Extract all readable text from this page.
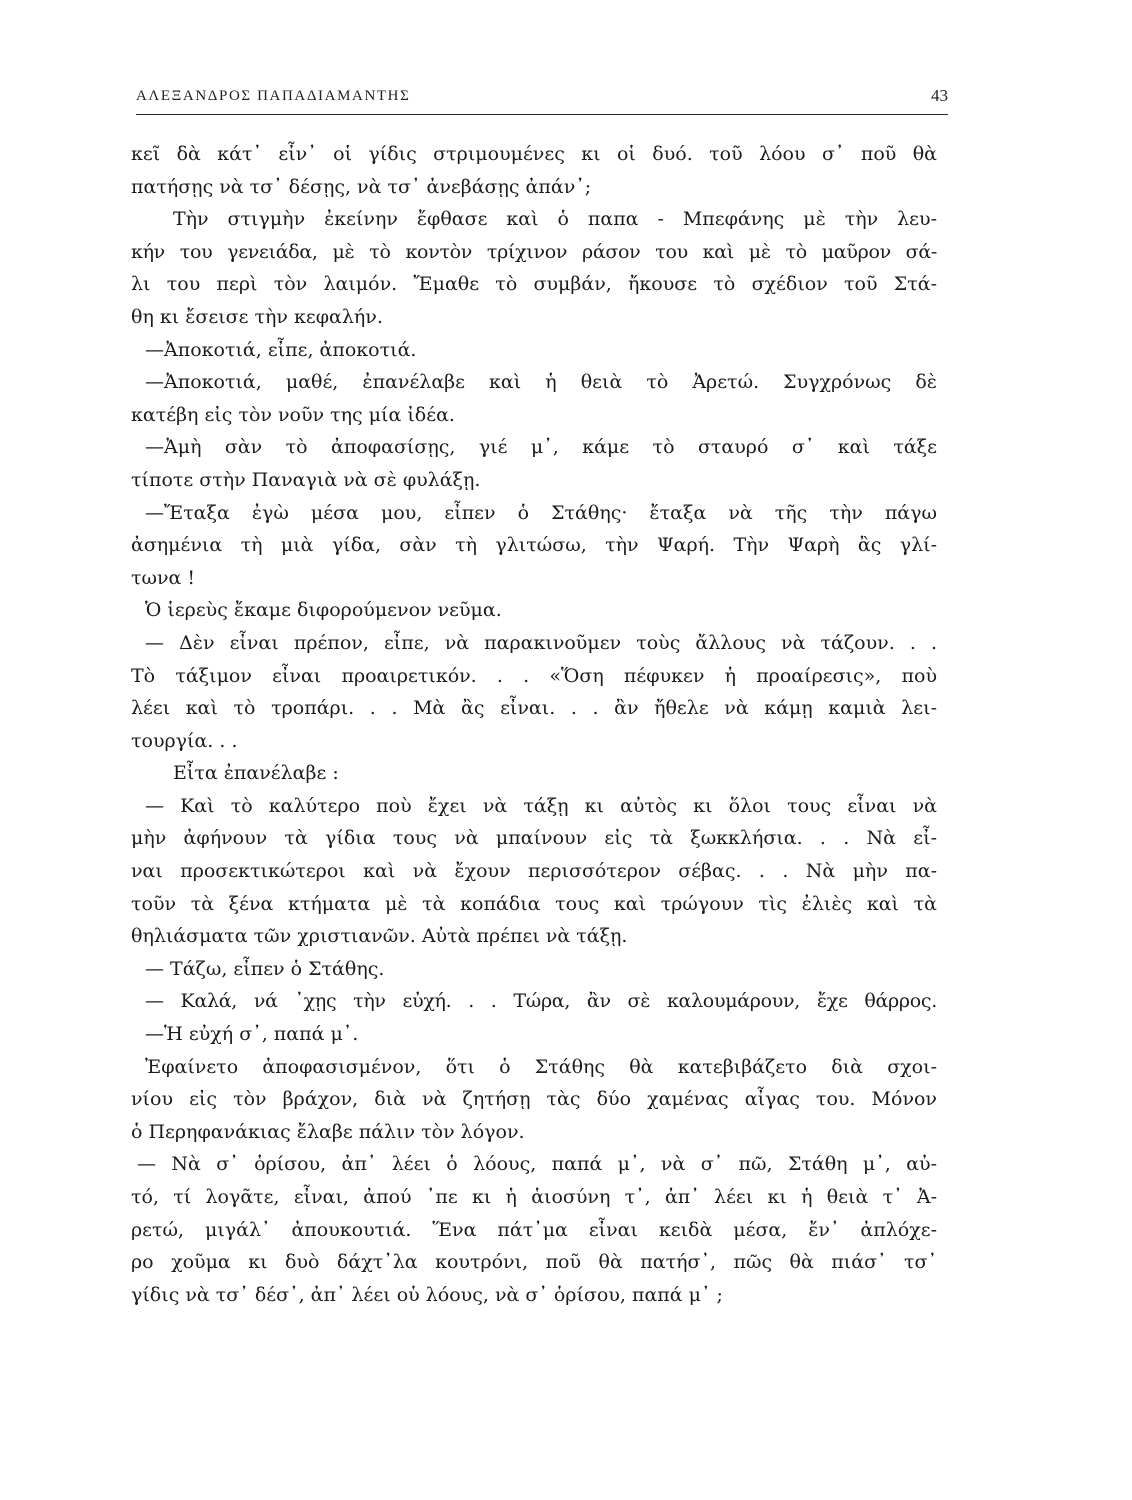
ΑΛΕΞΑΝΔΡΟΣ ΠΑΠΑΔΙΑΜΑΝΤΗΣ	43
κεῖ δὰ κάτ᾽ εἶν᾽ οἱ γίδις στριμουμένες κι οἱ δυό. τοῦ λόου σ᾽ ποῦ θὰ
πατήσῃς νὰ τσ᾽ δέσῃς, νὰ τσ᾽ ἀνεβάσῃς ἀπάν᾽;
Τὴν στιγμὴν ἐκείνην ἔφθασε καὶ ὁ παπα - Μπεφάνης μὲ τὴν λευ-
κήν του γενειάδα, μὲ τὸ κοντὸν τρίχινον ράσον του καὶ μὲ τὸ μαῦρον σά-
λι του περὶ τὸν λαιμόν. Ἔμαθε τὸ συμβάν, ἤκουσε τὸ σχέδιον τοῦ Στά-
θη κι ἔσεισε τὴν κεφαλήν.
—Ἀποκοτιά, εἶπε, ἀποκοτιά.
—Ἀποκοτιά, μαθέ, ἐπανέλαβε καὶ ἡ θειὰ τὸ Ἀρετώ. Συγχρόνως δὲ
κατέβη εἰς τὸν νοῦν της μία ἰδέα.
—Ἀμὴ σὰν τὸ ἀποφασίσῃς, γιέ μ᾽, κάμε τὸ σταυρό σ᾽ καὶ τάξε
τίποτε στὴν Παναγιὰ νὰ σὲ φυλάξῃ.
—Ἔταξα ἐγὼ μέσα μου, εἶπεν ὁ Στάθης· ἔταξα νὰ τῆς τὴν πάγω
ἀσημένια τὴ μιὰ γίδα, σὰν τὴ γλιτώσω, τὴν Ψαρή. Τὴν Ψαρὴ ἂς γλί-
τωνα !
Ὁ ἱερεὺς ἔκαμε διφορούμενον νεῦμα.
— Δὲν εἶναι πρέπον, εἶπε, νὰ παρακινοῦμεν τοὺς ἄλλους νὰ τάζουν. . .
Τὸ τάξιμον εἶναι προαιρετικόν. . . «Ὅση πέφυκεν ἡ προαίρεσις», ποὺ
λέει καὶ τὸ τροπάρι. . . Μὰ ἂς εἶναι. . . ἂν ἤθελε νὰ κάμῃ καμιὰ λει-
τουργία. . .
Εἶτα ἐπανέλαβε :
— Καὶ τὸ καλύτερο ποὺ ἔχει νὰ τάξῃ κι αὐτὸς κι ὅλοι τους εἶναι νὰ
μὴν ἀφήνουν τὰ γίδια τους νὰ μπαίνουν εἰς τὰ ξωκκλήσια. . . Νὰ εἶ-
ναι προσεκτικώτεροι καὶ νὰ ἔχουν περισσότερον σέβας. . . Νὰ μὴν πα-
τοῦν τὰ ξένα κτήματα μὲ τὰ κοπάδια τους καὶ τρώγουν τὶς ἐλιὲς καὶ τὰ
θηλιάσματα τῶν χριστιανῶν. Αὐτὰ πρέπει νὰ τάξῃ.
— Τάζω, εἶπεν ὁ Στάθης.
— Καλά, νά ᾽χῃς τὴν εὐχή. . . Τώρα, ἂν σὲ καλουμάρουν, ἔχε θάρρος.
—Ἡ εὐχή σ᾽, παπά μ᾽.
Ἐφαίνετο ἀποφασισμένον, ὅτι ὁ Στάθης θὰ κατεβιβάζετο διὰ σχοι-
νίου εἰς τὸν βράχον, διὰ νὰ ζητήσῃ τὰς δύο χαμένας αἶγας του. Μόνον
ὁ Περηφανάκιας ἔλαβε πάλιν τὸν λόγον.
— Νὰ σ᾽ ὁρίσου, ἀπ᾽ λέει ὁ λόους, παπά μ᾽, νὰ σ᾽ πῶ, Στάθη μ᾽, αὐ-
τό, τί λογᾶτε, εἶναι, ἀπού ᾽πε κι ἡ ἁιοσύνη τ᾽, ἀπ᾽ λέει κι ἡ θειὰ τ᾽ Ἀ-
ρετώ, μιγάλ᾽ ἀπουκουτιά. Ἕνα πάτ᾽μα εἶναι κειδὰ μέσα, ἔν᾽ ἀπλόχε-
ρο χοῦμα κι δυὸ δάχτ᾽λα κουτρόνι, ποῦ θὰ πατήσ᾽, πῶς θὰ πιάσ᾽ τσ᾽
γίδις νὰ τσ᾽ δέσ᾽, ἀπ᾽ λέει οὑ λόους, νὰ σ᾽ ὁρίσου, παπά μ᾽ ;
